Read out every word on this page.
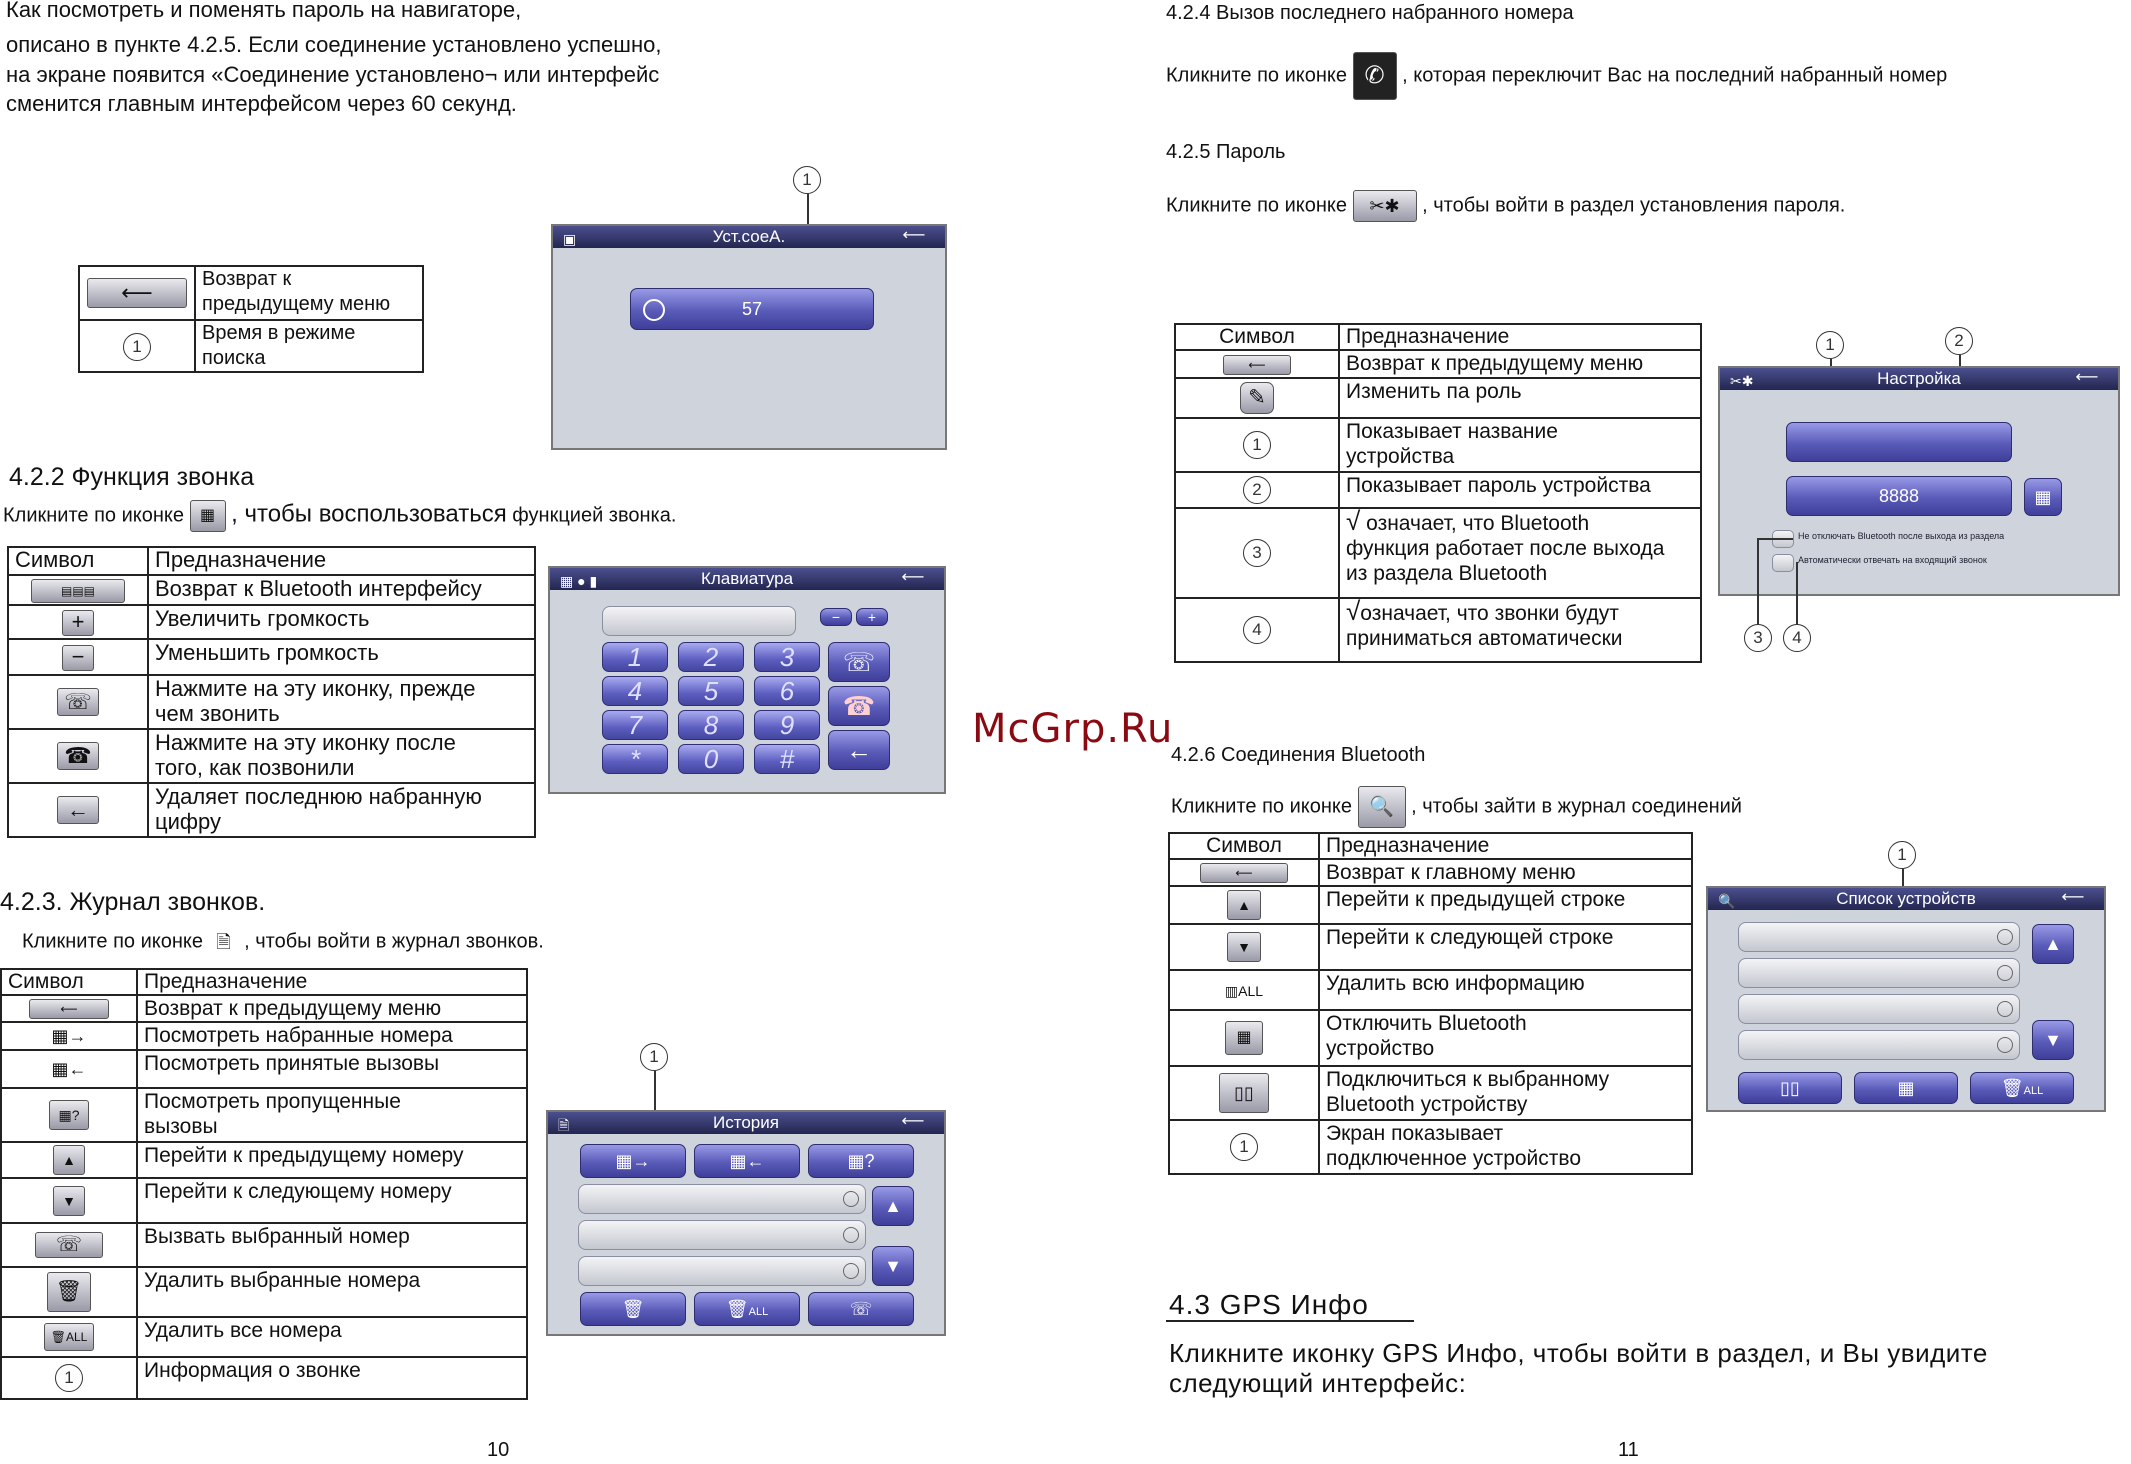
Как посмотреть и поменять пароль на навигаторе,
описано в пункте 4.2.5. Если соединение установлено успешно,
на экране появится «Соединение установлено¬ или интерфейс
сменится главным интерфейсом через 60 секунд.
⟵	Возврат к
предыдущему меню
1	Время в режиме
поиска
1
▣	Уст.соеА.	⟵
57
4.2.2 Функция звонка
Кликните по иконке ▦ , чтобы воспользоваться функцией звонка.
Символ	Предназначение
▤▤▤	Возврат к Bluetooth интерфейсу
+	Увеличить громкость
−	Уменьшить громкость
☏	Нажмите на эту иконку, прежде
чем звонить
☎	Нажмите на эту иконку после
того, как позвонили
←	Удаляет последнюю набранную
цифру
▦ ● ▮	Клавиатура	⟵
−	+
1	2	3
4	5	6
7	8	9
*	0	#
☏
☎
←
4.2.3. Журнал звонков.
Кликните по иконке 🗎 , чтобы войти в журнал звонков.
Символ	Предназначение
⟵	Возврат к предыдущему меню
▦→	Посмотреть набранные номера
▦←	Посмотреть принятые вызовы
▦?	Посмотреть пропущенные
вызовы
▲	Перейти к предыдущему номеру
▼	Перейти к следующему номеру
☏	Вызвать выбранный номер
🗑	Удалить выбранные номера
🗑ALL	Удалить все номера
1	Информация о звонке
1
🗎	История	⟵
▦→	▦←	▦?
▲
▼
🗑	🗑ALL	☏
10
4.2.4 Вызов последнего набранного номера
Кликните по иконке ✆ , которая переключит Вас на последний набранный номер
4.2.5 Пароль
Кликните по иконке ✂✱ , чтобы войти в раздел установления пароля.
Символ	Предназначение
⟵	Возврат к предыдущему меню
✎	Изменить па роль
1	Показывает название
устройства
2	Показывает пароль устройства
3	√ означает, что Bluetooth
функция работает после выхода
из раздела Bluetooth
4	√означает, что звонки будут
приниматься автоматически
1	2
✂✱	Настройка	⟵
8888	▦
Не отключать Bluetooth после выхода из раздела
Автоматически отвечать на входящий звонок
3	4
McGrp.Ru
4.2.6 Соединения Bluetooth
Кликните по иконке 🔍 , чтобы зайти в журнал соединений
Символ	Предназначение
⟵	Возврат к главному меню
▲	Перейти к предыдущей строке
▼	Перейти к следующей строке
▥ALL	Удалить всю информацию
▦	Отключить Bluetooth
устройство
▯▯	Подключиться к выбранному
Bluetooth устройству
1	Экран показывает
подключенное устройство
1
🔍	Список устройств	⟵
▲
▼
▯▯	▦	🗑ALL
4.3 GPS Инфо
Кликните иконку GPS Инфо, чтобы войти в раздел, и Вы увидите
следующий интерфейс:
11
